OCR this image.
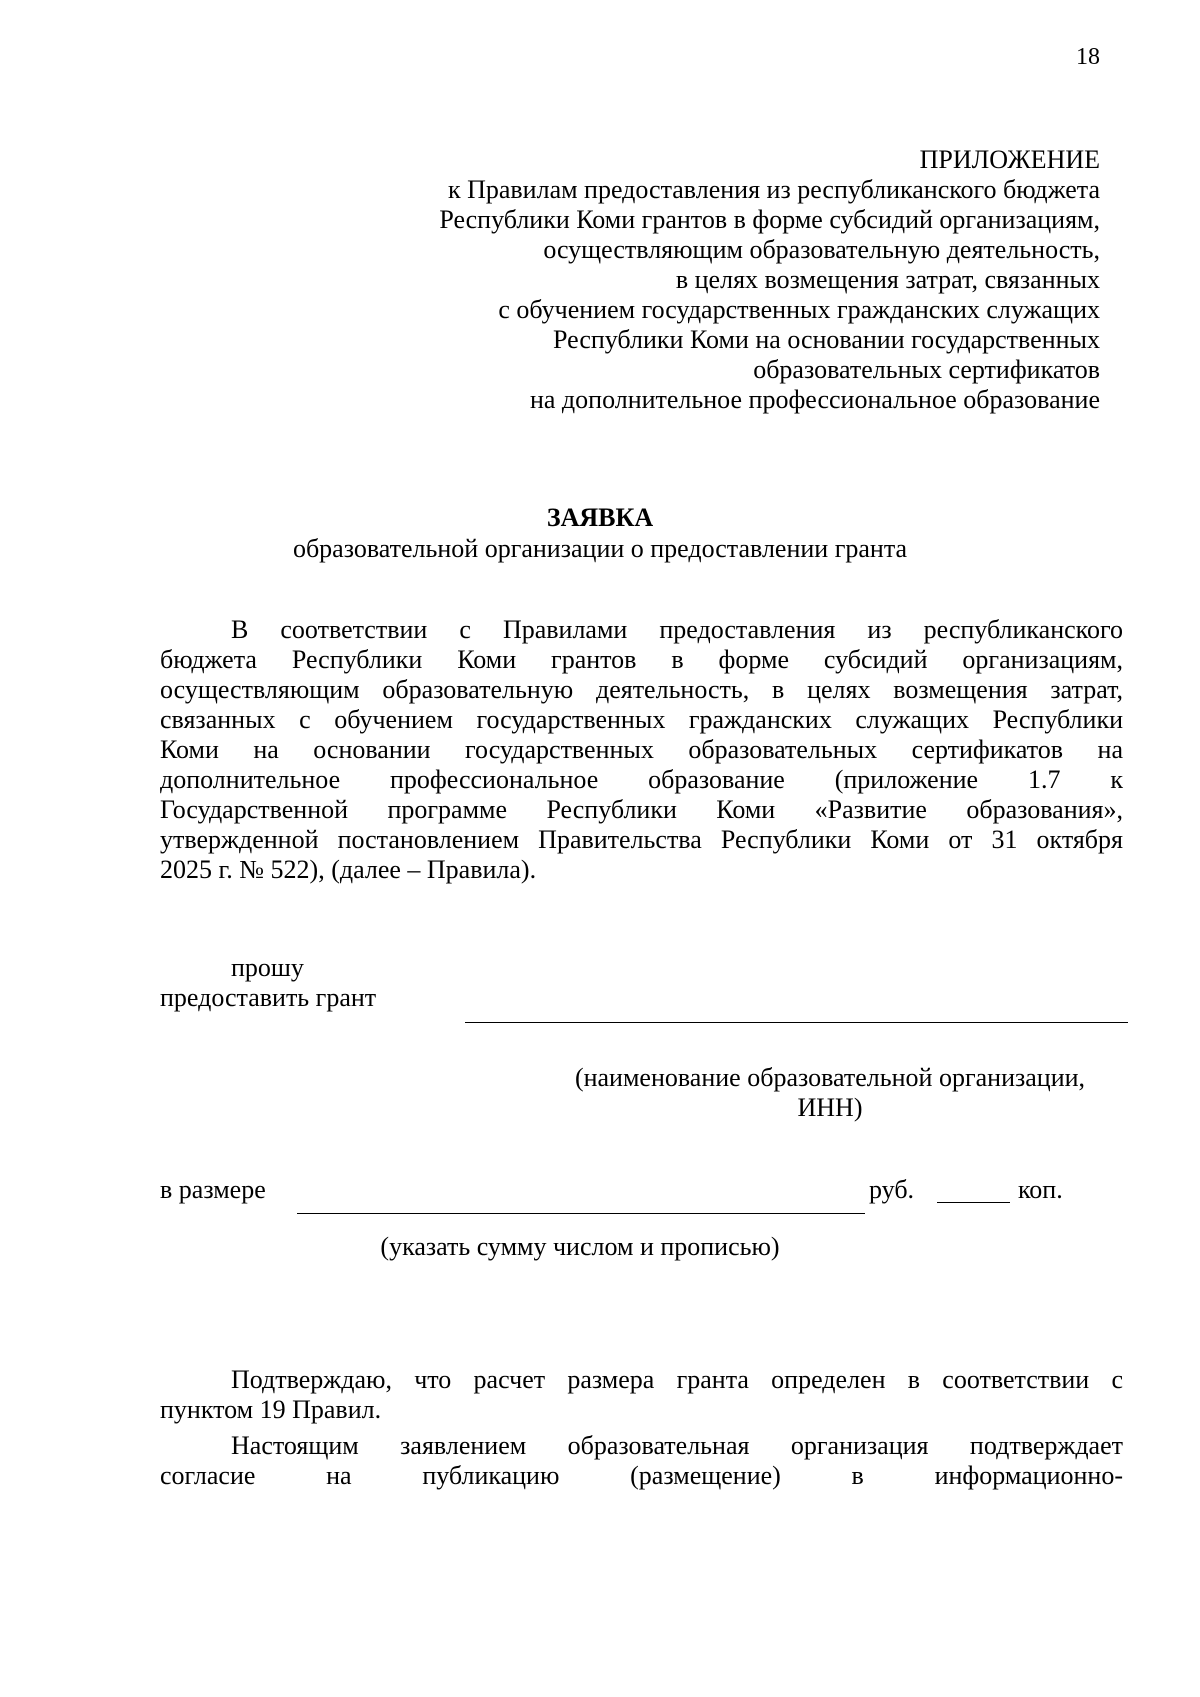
18
ПРИЛОЖЕНИЕ
к Правилам предоставления из республиканского бюджета
Республики Коми грантов в форме субсидий организациям,
осуществляющим образовательную деятельность,
в целях возмещения затрат, связанных
с обучением государственных гражданских служащих
Республики Коми на основании государственных
образовательных сертификатов
на дополнительное профессиональное образование
ЗАЯВКА
образовательной организации о предоставлении гранта
В соответствии с Правилами предоставления из республиканского
бюджета Республики Коми грантов в форме субсидий организациям,
осуществляющим образовательную деятельность, в целях возмещения затрат,
связанных с обучением государственных гражданских служащих Республики
Коми на основании государственных образовательных сертификатов на
дополнительное профессиональное образование (приложение 1.7 к
Государственной программе Республики Коми «Развитие образования»,
утвержденной постановлением Правительства Республики Коми от 31 октября
2025 г. № 522), (далее – Правила).
прошу
предоставить грант
(наименование образовательной организации,
ИНН)
в размере	руб.	коп.
(указать сумму числом и прописью)
Подтверждаю, что расчет размера гранта определен в соответствии с
пунктом 19 Правил.
Настоящим заявлением образовательная организация подтверждает
согласие на публикацию (размещение) в информационно-
